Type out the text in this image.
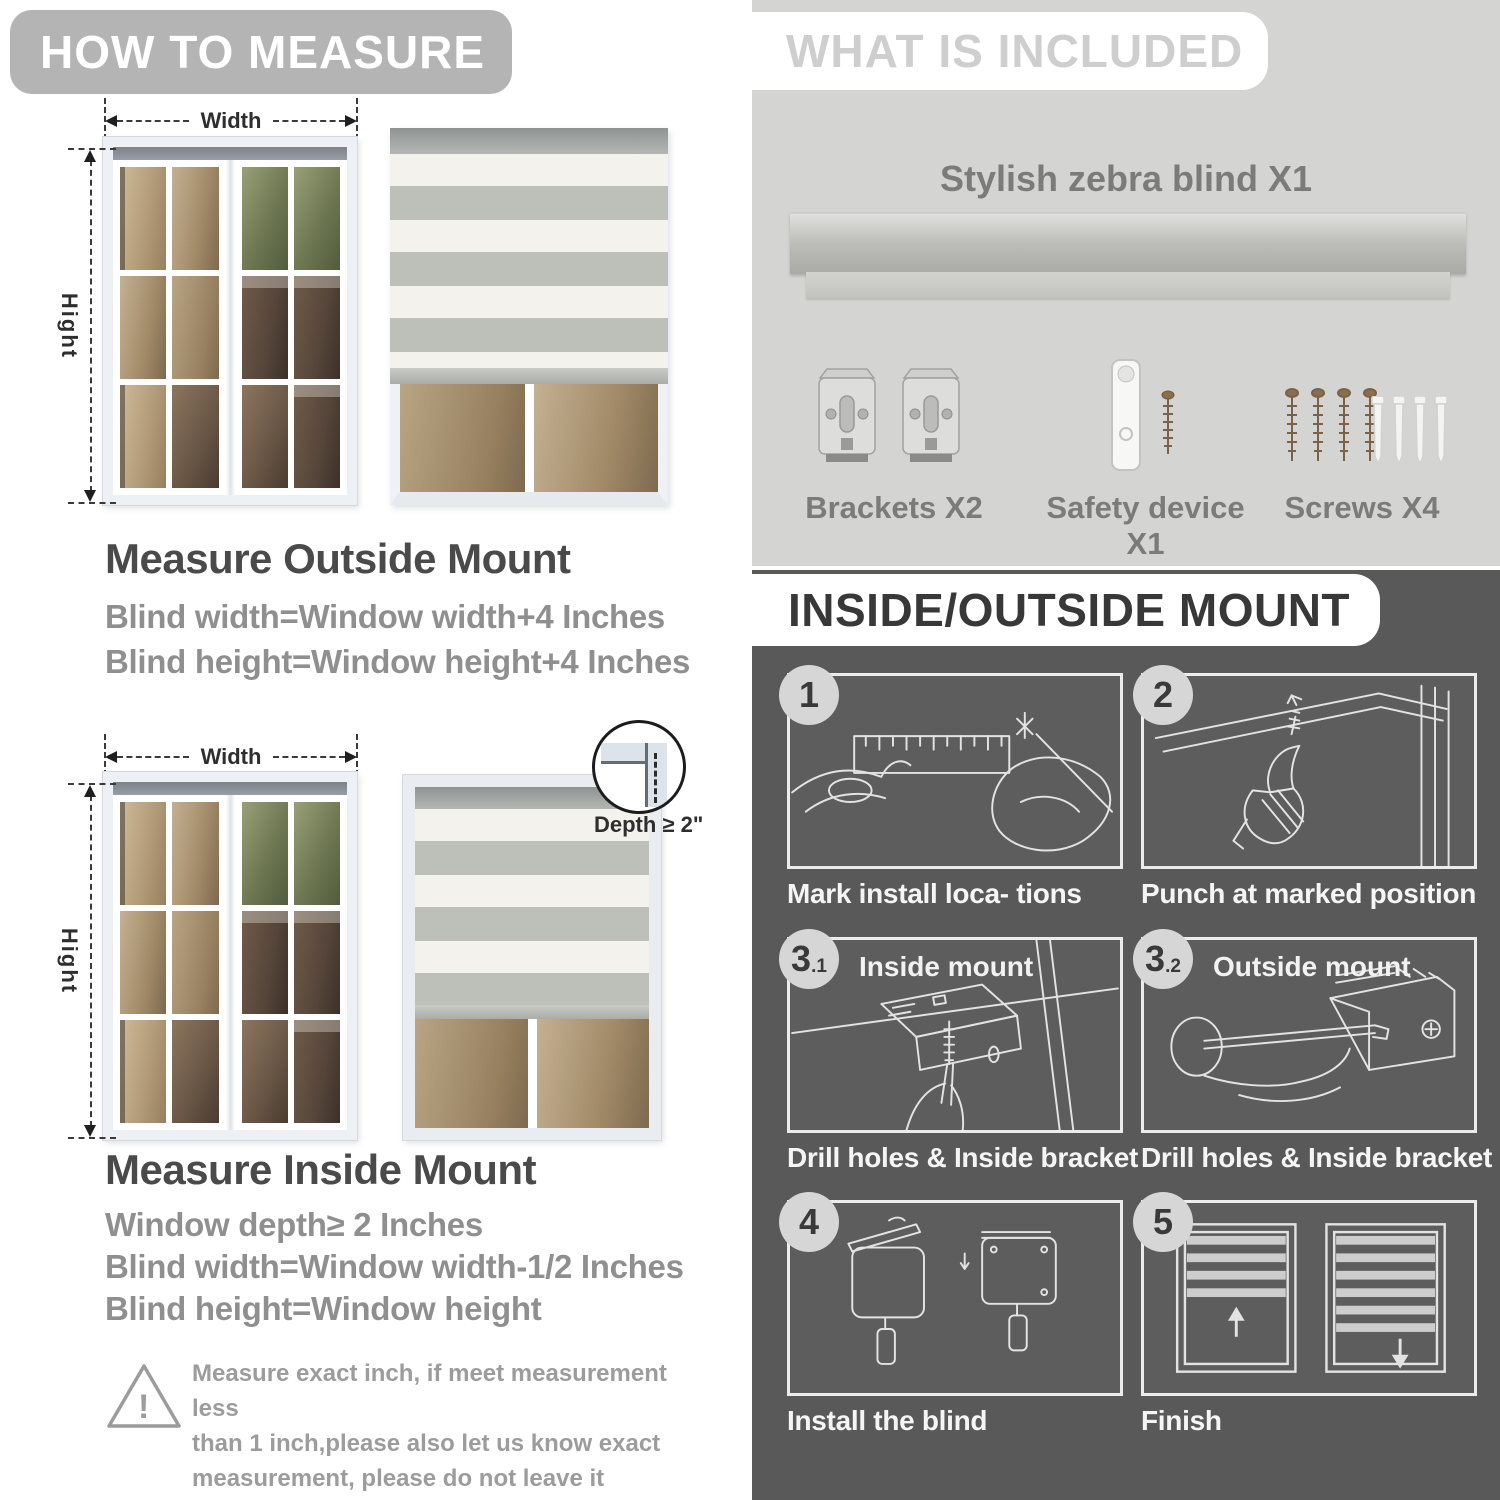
HOW TO MEASURE
Width
Hight
Measure Outside Mount
Blind width=Window width+4 Inches
Blind height=Window height+4 Inches
Width
Hight
Depth ≥ 2"
Measure Inside Mount
Window depth≥ 2 Inches
Blind width=Window width-1/2 Inches
Blind height=Window height
!
Measure exact inch, if meet measurement less
than 1 inch,please also let us know exact
measurement, please do not leave it
WHAT IS INCLUDED
Stylish zebra blind X1
Brackets X2	Safety device X1
Screws X4
INSIDE/OUTSIDE MOUNT
Mark install loca- tions	Punch at marked position
Drill holes & Inside bracket Drill holes & Inside bracket
Install the blind	Finish
1	2
3 .1 Inside mount	3 .2 Outside mount
4	5
